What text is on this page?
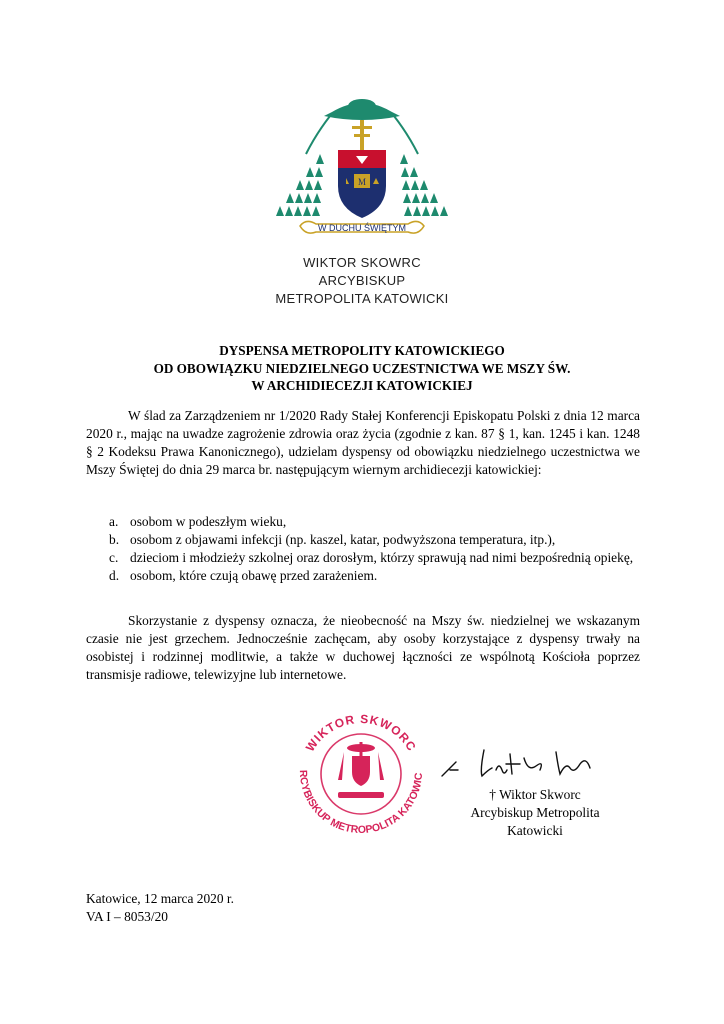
M
W DUCHU ŚWIĘTYM
WIKTOR SKOWRC
ARCYBISKUP
METROPOLITA KATOWICKI
DYSPENSA METROPOLITY KATOWICKIEGO
OD OBOWIĄZKU NIEDZIELNEGO UCZESTNICTWA WE MSZY ŚW.
W ARCHIDIECEZJI KATOWICKIEJ
W ślad za Zarządzeniem nr 1/2020 Rady Stałej Konferencji Episkopatu Polski z dnia 12 marca 2020 r., mając na uwadze zagrożenie zdrowia oraz życia (zgodnie z kan. 87 § 1, kan. 1245 i kan. 1248 § 2 Kodeksu Prawa Kanonicznego), udzielam dyspensy od obowiązku niedzielnego uczestnictwa we Mszy Świętej do dnia 29 marca br. następującym wiernym archidiecezji katowickiej:
a. osobom w podeszłym wieku,
b. osobom z objawami infekcji (np. kaszel, katar, podwyższona temperatura, itp.),
c. dzieciom i młodzieży szkolnej oraz dorosłym, którzy sprawują nad nimi bezpośrednią opiekę,
d. osobom, które czują obawę przed zarażeniem.
Skorzystanie z dyspensy oznacza, że nieobecność na Mszy św. niedzielnej we wskazanym czasie nie jest grzechem. Jednocześnie zachęcam, aby osoby korzystające z dyspensy trwały na osobistej i rodzinnej modlitwie, a także w duchowej łączności ze wspólnotą Kościoła poprzez transmisje radiowe, telewizyjne lub internetowe.
WIKTOR SKWORC
RCYBISKUP METROPOLITA KATOWIC
† Wiktor Skworc
Arcybiskup Metropolita
Katowicki
Katowice, 12 marca 2020 r.
VA I – 8053/20
